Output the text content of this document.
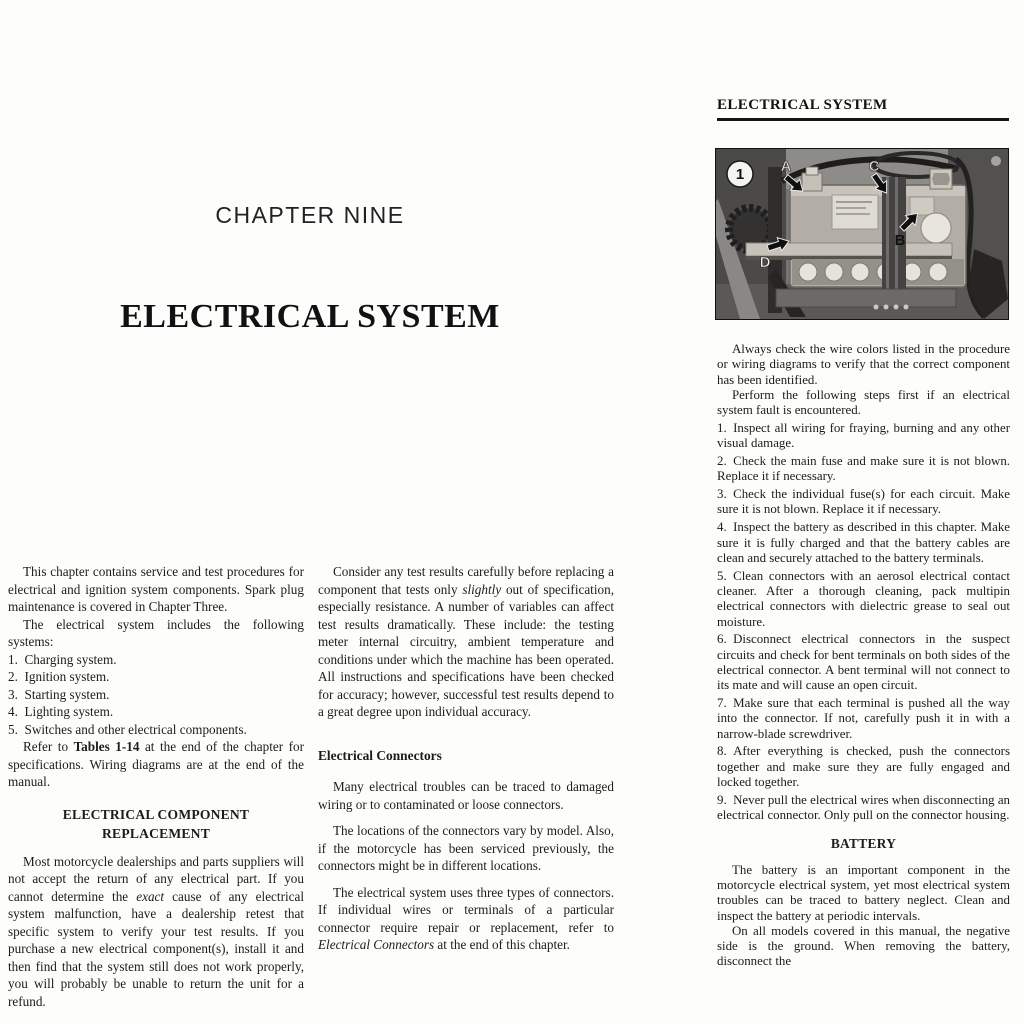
CHAPTER NINE
ELECTRICAL SYSTEM

This chapter contains service and test procedures for electrical and ignition system components. Spark plug maintenance is covered in Chapter Three.

The electrical system includes the following systems:

1. Charging system.

2. Ignition system.

3. Starting system.

4. Lighting system.

5. Switches and other electrical components.

Refer to Tables 1-14 at the end of the chapter for specifications. Wiring diagrams are at the end of the manual.

ELECTRICAL COMPONENT
REPLACEMENT

Most motorcycle dealerships and parts suppliers will not accept the return of any electrical part. If you cannot determine the exact cause of any electrical system malfunction, have a dealership retest that specific system to verify your test results. If you purchase a new electrical component(s), install it and then find that the system still does not work properly, you will probably be unable to return the unit for a refund.

Consider any test results carefully before replacing a component that tests only slightly out of specification, especially resistance. A number of variables can affect test results dramatically. These include: the testing meter internal circuitry, ambient temperature and conditions under which the machine has been operated. All instructions and specifications have been checked for accuracy; however, successful test results depend to a great degree upon individual accuracy.

Electrical Connectors

Many electrical troubles can be traced to damaged wiring or to contaminated or loose connectors.

The locations of the connectors vary by model. Also, if the motorcycle has been serviced previously, the connectors might be in different locations.

The electrical system uses three types of connectors. If individual wires or terminals of a particular connector require repair or replacement, refer to Electrical Connectors at the end of this chapter.

ELECTRICAL SYSTEM
1 A	C
B
D

Always check the wire colors listed in the procedure or wiring diagrams to verify that the correct component has been identified.

Perform the following steps first if an electrical system fault is encountered.

1. Inspect all wiring for fraying, burning and any other visual damage.

2. Check the main fuse and make sure it is not blown. Replace it if necessary.

3. Check the individual fuse(s) for each circuit. Make sure it is not blown. Replace it if necessary.

4. Inspect the battery as described in this chapter. Make sure it is fully charged and that the battery cables are clean and securely attached to the battery terminals.

5. Clean connectors with an aerosol electrical contact cleaner. After a thorough cleaning, pack multipin electrical connectors with dielectric grease to seal out moisture.

6. Disconnect electrical connectors in the suspect circuits and check for bent terminals on both sides of the electrical connector. A bent terminal will not connect to its mate and will cause an open circuit.

7. Make sure that each terminal is pushed all the way into the connector. If not, carefully push it in with a narrow-blade screwdriver.

8. After everything is checked, push the connectors together and make sure they are fully engaged and locked together.

9. Never pull the electrical wires when disconnecting an electrical connector. Only pull on the connector housing.

BATTERY

The battery is an important component in the motorcycle electrical system, yet most electrical system troubles can be traced to battery neglect. Clean and inspect the battery at periodic intervals.

On all models covered in this manual, the negative side is the ground. When removing the battery, disconnect the
